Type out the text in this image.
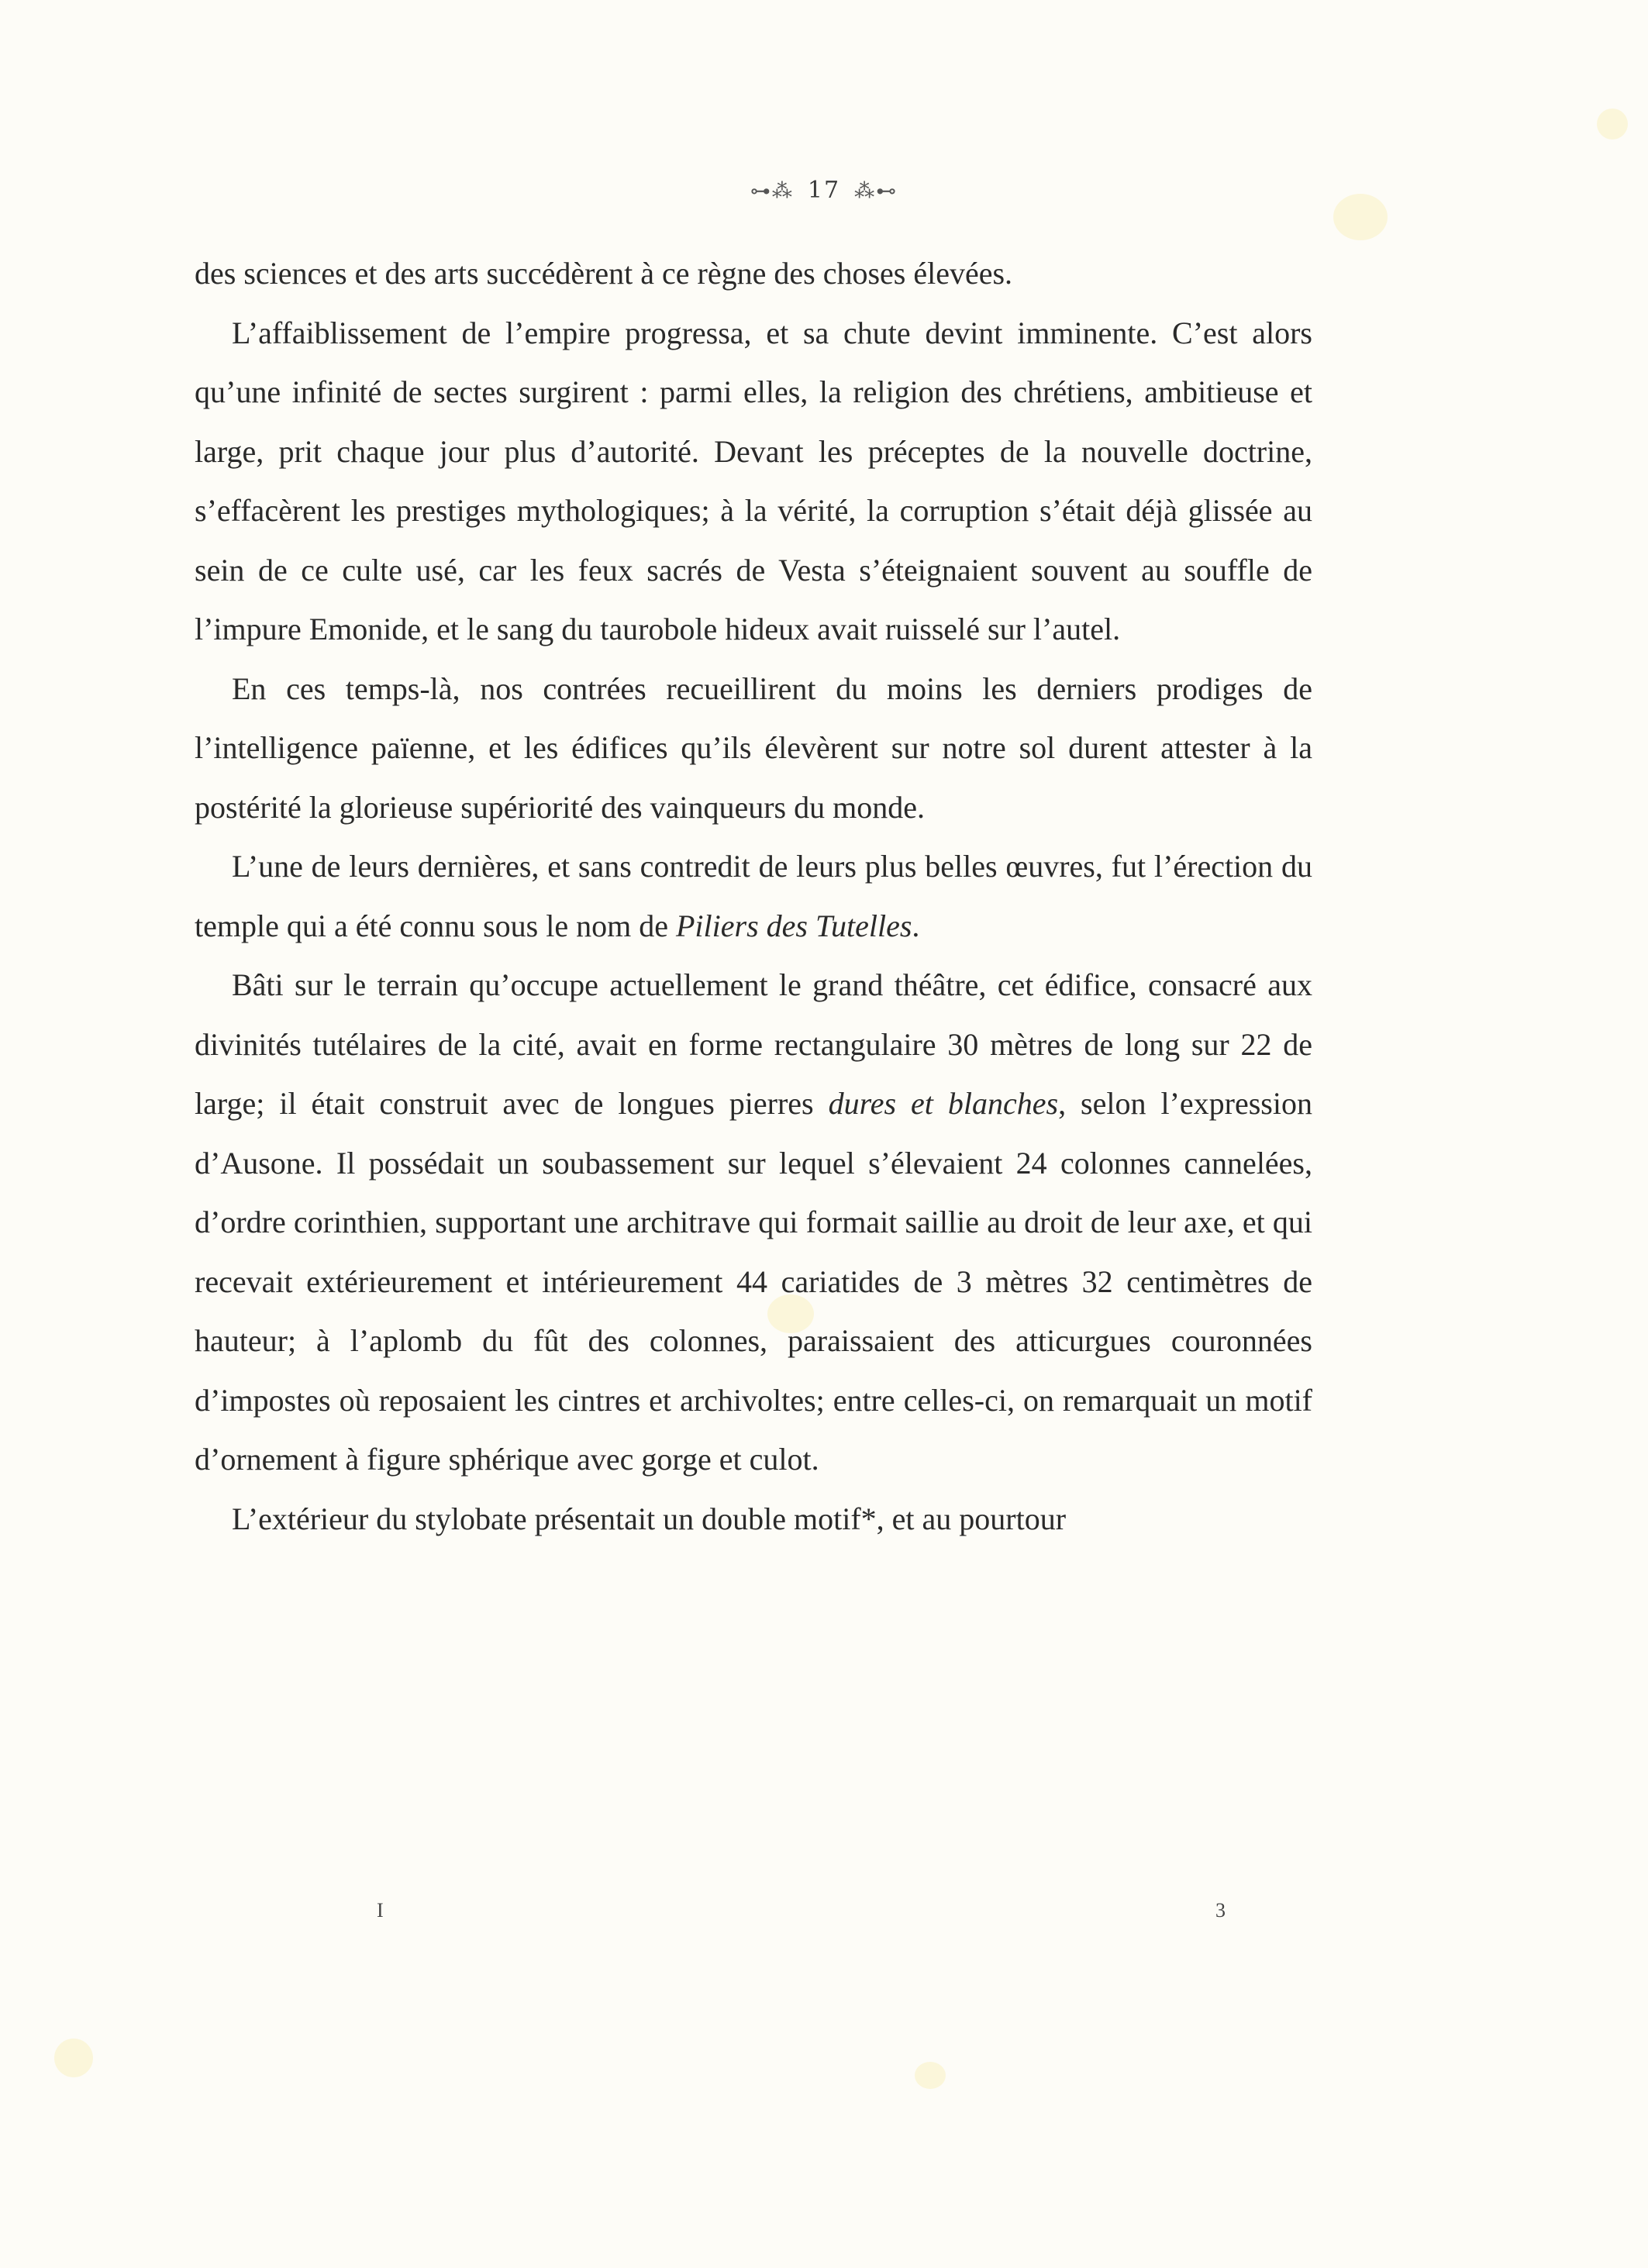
⊶⁂ 17 ⁂⊷

des sciences et des arts succédèrent à ce règne des choses élevées.

L’affaiblissement de l’empire progressa, et sa chute devint imminente. C’est alors qu’une infinité de sectes surgirent : parmi elles, la religion des chrétiens, ambitieuse et large, prit chaque jour plus d’autorité. Devant les préceptes de la nouvelle doctrine, s’effacèrent les prestiges mythologiques; à la vérité, la corruption s’était déjà glissée au sein de ce culte usé, car les feux sacrés de Vesta s’éteignaient souvent au souffle de l’impure Emonide, et le sang du taurobole hideux avait ruisselé sur l’autel.

En ces temps-là, nos contrées recueillirent du moins les derniers prodiges de l’intelligence païenne, et les édifices qu’ils élevèrent sur notre sol durent attester à la postérité la glorieuse supériorité des vainqueurs du monde.

L’une de leurs dernières, et sans contredit de leurs plus belles œuvres, fut l’érection du temple qui a été connu sous le nom de Piliers des Tutelles.

Bâti sur le terrain qu’occupe actuellement le grand théâtre, cet édifice, consacré aux divinités tutélaires de la cité, avait en forme rectangulaire 30 mètres de long sur 22 de large; il était construit avec de longues pierres dures et blanches, selon l’expression d’Ausone. Il possédait un soubassement sur lequel s’élevaient 24 colonnes cannelées, d’ordre corinthien, supportant une architrave qui formait saillie au droit de leur axe, et qui recevait extérieurement et intérieurement 44 cariatides de 3 mètres 32 centimètres de hauteur; à l’aplomb du fût des colonnes, paraissaient des atticurgues couronnées d’impostes où reposaient les cintres et archivoltes; entre celles-ci, on remarquait un motif d’ornement à figure sphérique avec gorge et culot.

L’extérieur du stylobate présentait un double motif*, et au pourtour

I	3
